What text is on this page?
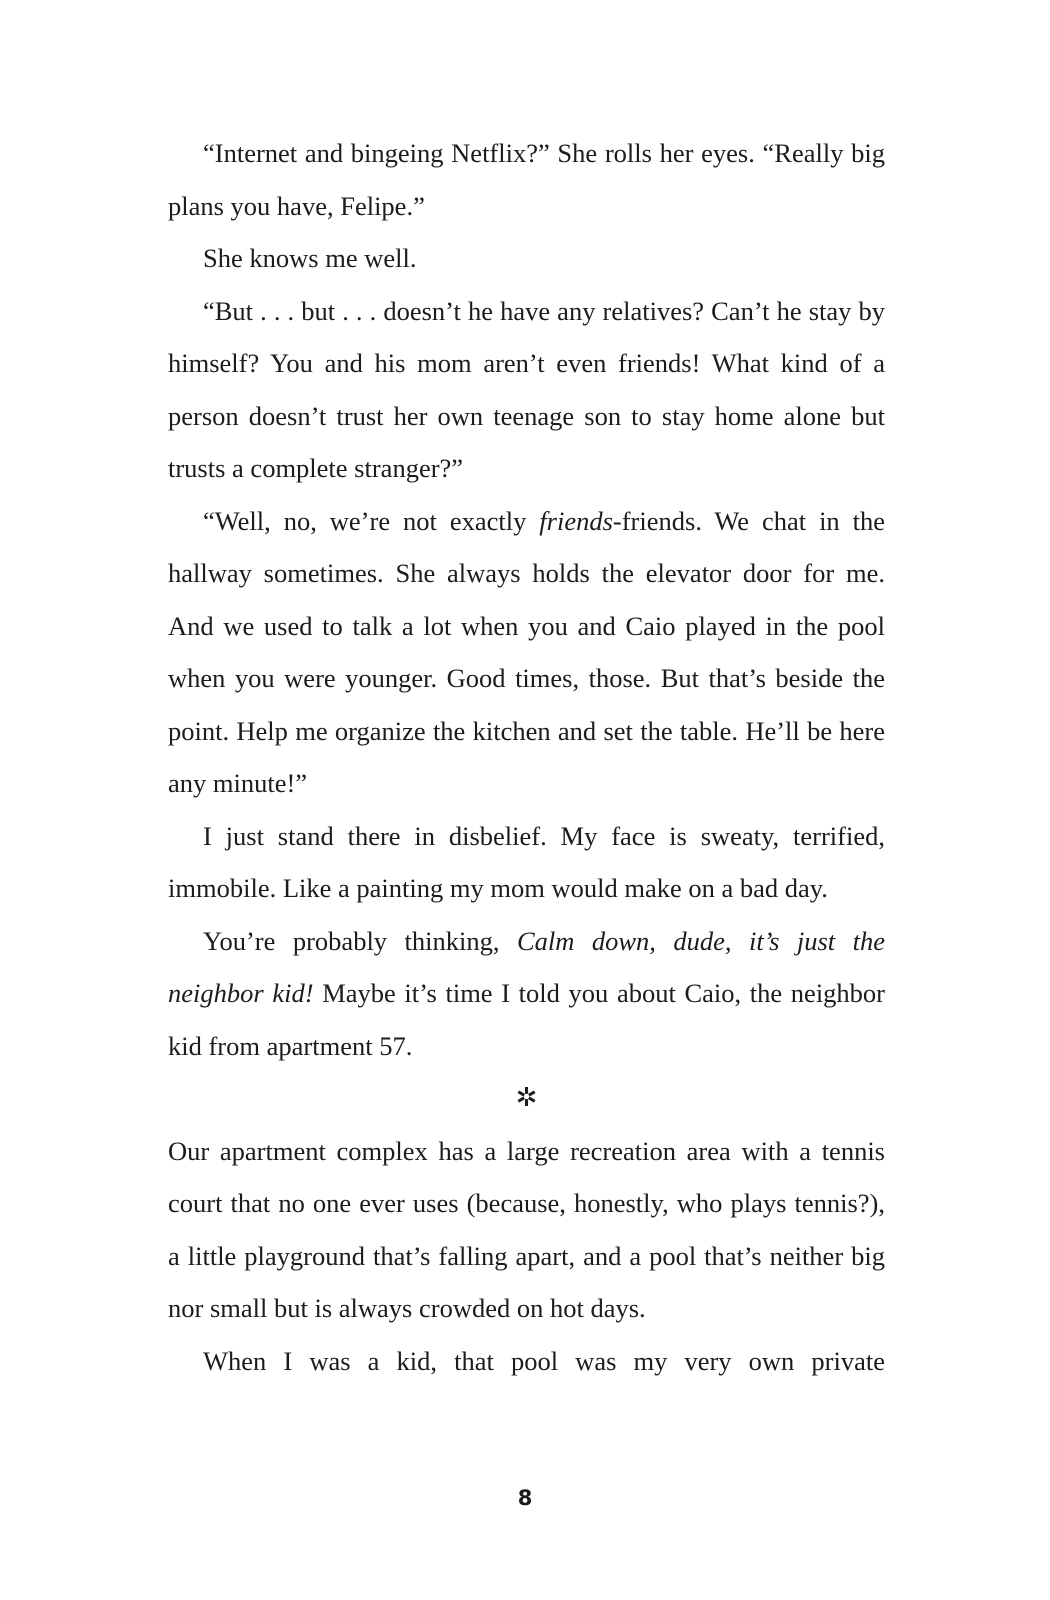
“Internet and bingeing Netflix?” She rolls her eyes. “Really big plans you have, Felipe.”

She knows me well.

“But . . . but . . . doesn’t he have any relatives? Can’t he stay by himself? You and his mom aren’t even friends! What kind of a person doesn’t trust her own teenage son to stay home alone but trusts a complete stranger?”

“Well, no, we’re not exactly friends-friends. We chat in the hallway sometimes. She always holds the elevator door for me. And we used to talk a lot when you and Caio played in the pool when you were younger. Good times, those. But that’s beside the point. Help me organize the kitchen and set the table. He’ll be here any minute!”

I just stand there in disbelief. My face is sweaty, terrified, immobile. Like a painting my mom would make on a bad day.

You’re probably thinking, Calm down, dude, it’s just the neighbor kid! Maybe it’s time I told you about Caio, the neighbor kid from apartment 57.

✲

Our apartment complex has a large recreation area with a tennis court that no one ever uses (because, honestly, who plays tennis?), a little playground that’s falling apart, and a pool that’s neither big nor small but is always crowded on hot days.

When I was a kid, that pool was my very own private

8
